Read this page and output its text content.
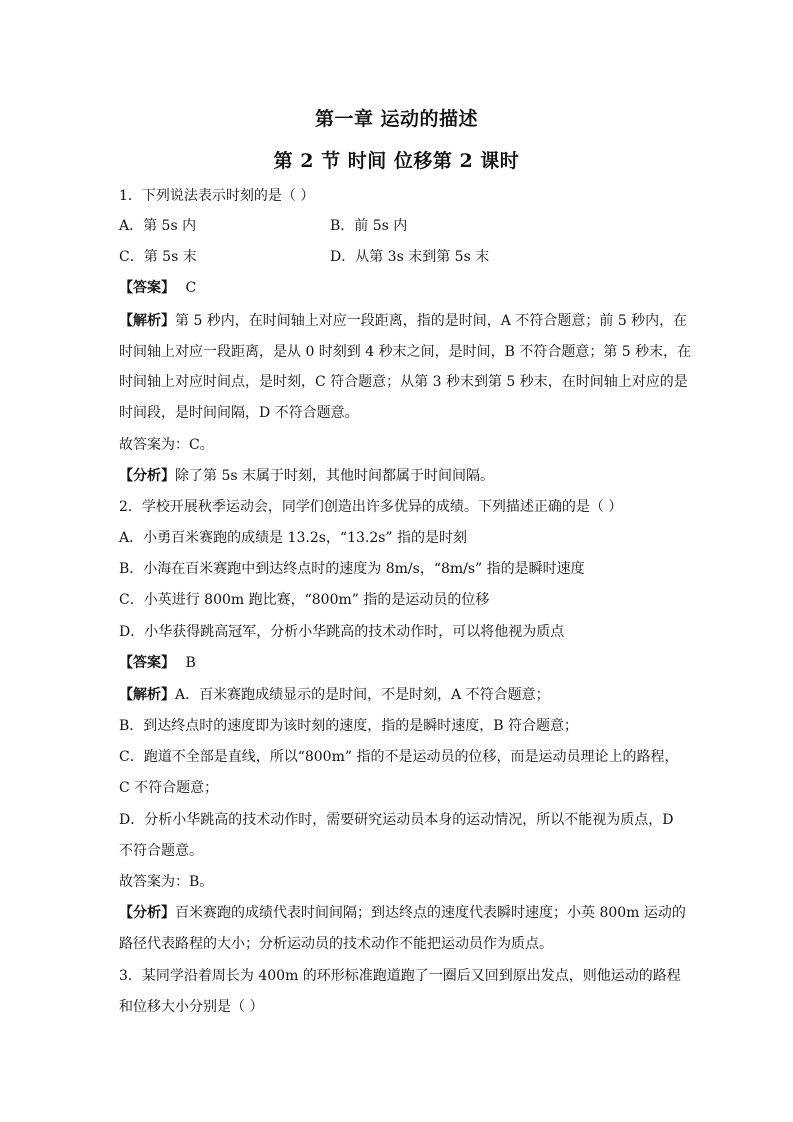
第一章 运动的描述
第 2 节 时间 位移第 2 课时
1．下列说法表示时刻的是（ ）
A．第 5s 内	B．前 5s 内
C．第 5s 末	D．从第 3s 末到第 5s 末
【答案】 C
【解析】第 5 秒内，在时间轴上对应一段距离，指的是时间，A 不符合题意；前 5 秒内，在
时间轴上对应一段距离，是从 0 时刻到 4 秒末之间，是时间，B 不符合题意；第 5 秒末，在
时间轴上对应时间点，是时刻，C 符合题意；从第 3 秒末到第 5 秒末，在时间轴上对应的是
时间段，是时间间隔，D 不符合题意。
故答案为：C。
【分析】除了第 5s 末属于时刻，其他时间都属于时间间隔。
2．学校开展秋季运动会，同学们创造出许多优异的成绩。下列描述正确的是（ ）
A．小勇百米赛跑的成绩是 13.2s，“13.2s” 指的是时刻
B．小海在百米赛跑中到达终点时的速度为 8m/s，“8m/s” 指的是瞬时速度
C．小英进行 800m 跑比赛，“800m” 指的是运动员的位移
D．小华获得跳高冠军，分析小华跳高的技术动作时，可以将他视为质点
【答案】 B
【解析】A．百米赛跑成绩显示的是时间，不是时刻，A 不符合题意；
B．到达终点时的速度即为该时刻的速度，指的是瞬时速度，B 符合题意；
C．跑道不全部是直线，所以“800m” 指的不是运动员的位移，而是运动员理论上的路程，
C 不符合题意；
D．分析小华跳高的技术动作时，需要研究运动员本身的运动情况，所以不能视为质点，D
不符合题意。
故答案为：B。
【分析】百米赛跑的成绩代表时间间隔；到达终点的速度代表瞬时速度；小英 800m 运动的
路径代表路程的大小；分析运动员的技术动作不能把运动员作为质点。
3．某同学沿着周长为 400m 的环形标准跑道跑了一圈后又回到原出发点，则他运动的路程
和位移大小分别是（ ）
